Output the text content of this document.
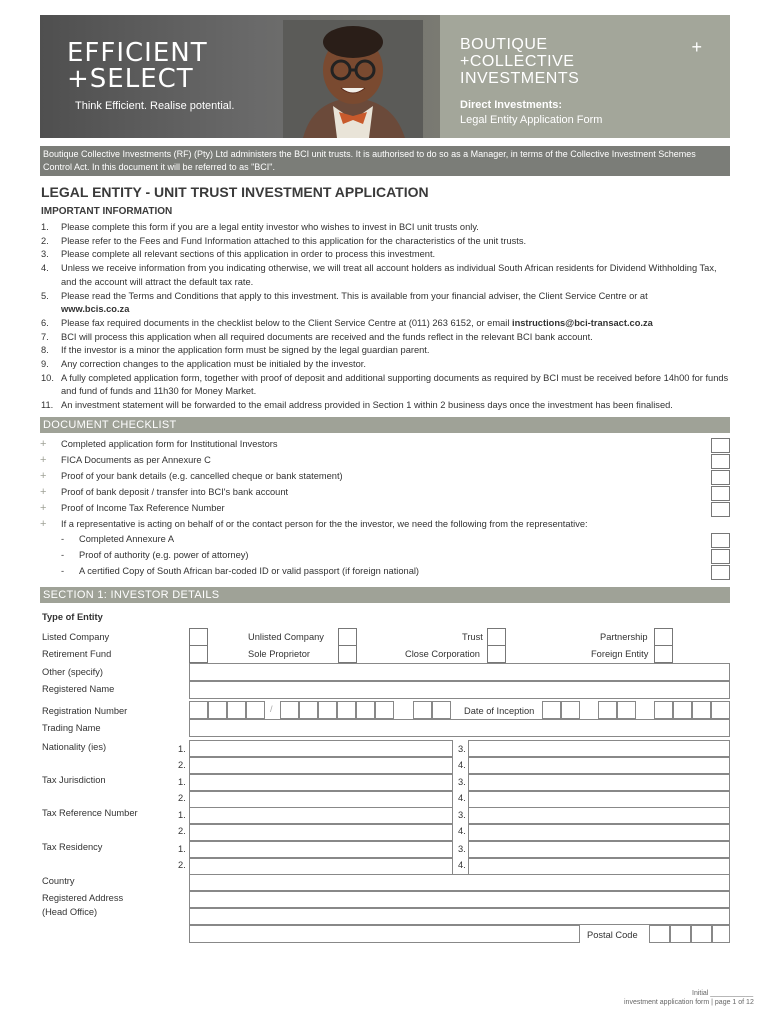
EFFICIENT
+SELECT
Think Efficient. Realise potential.
BOUTIQUE
+COLLECTIVE
INVESTMENTS
+
Direct Investments:
Legal Entity Application Form
Boutique Collective Investments (RF) (Pty) Ltd administers the BCI unit trusts. It is authorised to do so as a Manager, in terms of the Collective Investment Schemes Control Act. In this document it will be referred to as "BCI".
LEGAL ENTITY - UNIT TRUST INVESTMENT APPLICATION
IMPORTANT INFORMATION
1.	Please complete this form if you are a legal entity investor who wishes to invest in BCI unit trusts only.
2.	Please refer to the Fees and Fund Information attached to this application for the characteristics of the unit trusts.
3.	Please complete all relevant sections of this application in order to process this investment.
4.	Unless we receive information from you indicating otherwise, we will treat all account holders as individual South African residents for Dividend Withholding Tax, and the account will attract the default tax rate.
5.	Please read the Terms and Conditions that apply to this investment. This is available from your financial adviser, the Client Service Centre or at
www.bcis.co.za
6.	Please fax required documents in the checklist below to the Client Service Centre at (011) 263 6152, or email instructions@bci-transact.co.za
7.	BCI will process this application when all required documents are received and the funds reflect in the relevant BCI bank account.
8.	If the investor is a minor the application form must be signed by the legal guardian parent.
9.	Any correction changes to the application must be initialed by the investor.
10. A fully completed application form, together with proof of deposit and additional supporting documents as required by BCI must be received before 14h00 for funds and fund of funds and 11h30 for Money Market.
11. An investment statement will be forwarded to the email address provided in Section 1 within 2 business days once the investment has been finalised.
DOCUMENT CHECKLIST
+ Completed application form for Institutional Investors
+ FICA Documents as per Annexure C
+ Proof of your bank details (e.g. cancelled cheque or bank statement)
+ Proof of bank deposit / transfer into BCI's bank account
+ Proof of Income Tax Reference Number
+ If a representative is acting on behalf of or the contact person for the the investor, we need the following from the representative:
- Completed Annexure A
- Proof of authority (e.g. power of attorney)
- A certified Copy of South African bar-coded ID or valid passport (if foreign national)
SECTION 1: INVESTOR DETAILS
Type of Entity
Listed Company	Unlisted Company	Trust	Partnership
Retirement Fund	Sole Proprietor	Close Corporation	Foreign Entity
Other (specify)
Registered Name
Registration Number	/	Date of Inception
Trading Name
Nationality (ies)	1.	3.
2.	4.
Tax Jurisdiction	1.	3.
2.	4.
Tax Reference Number	1.	3.
2.	4.
Tax Residency	1.	3.
2.	4.
Country
Registered Address
(Head Office)
Postal Code
Initial ___________
investment application form | page 1 of 12
